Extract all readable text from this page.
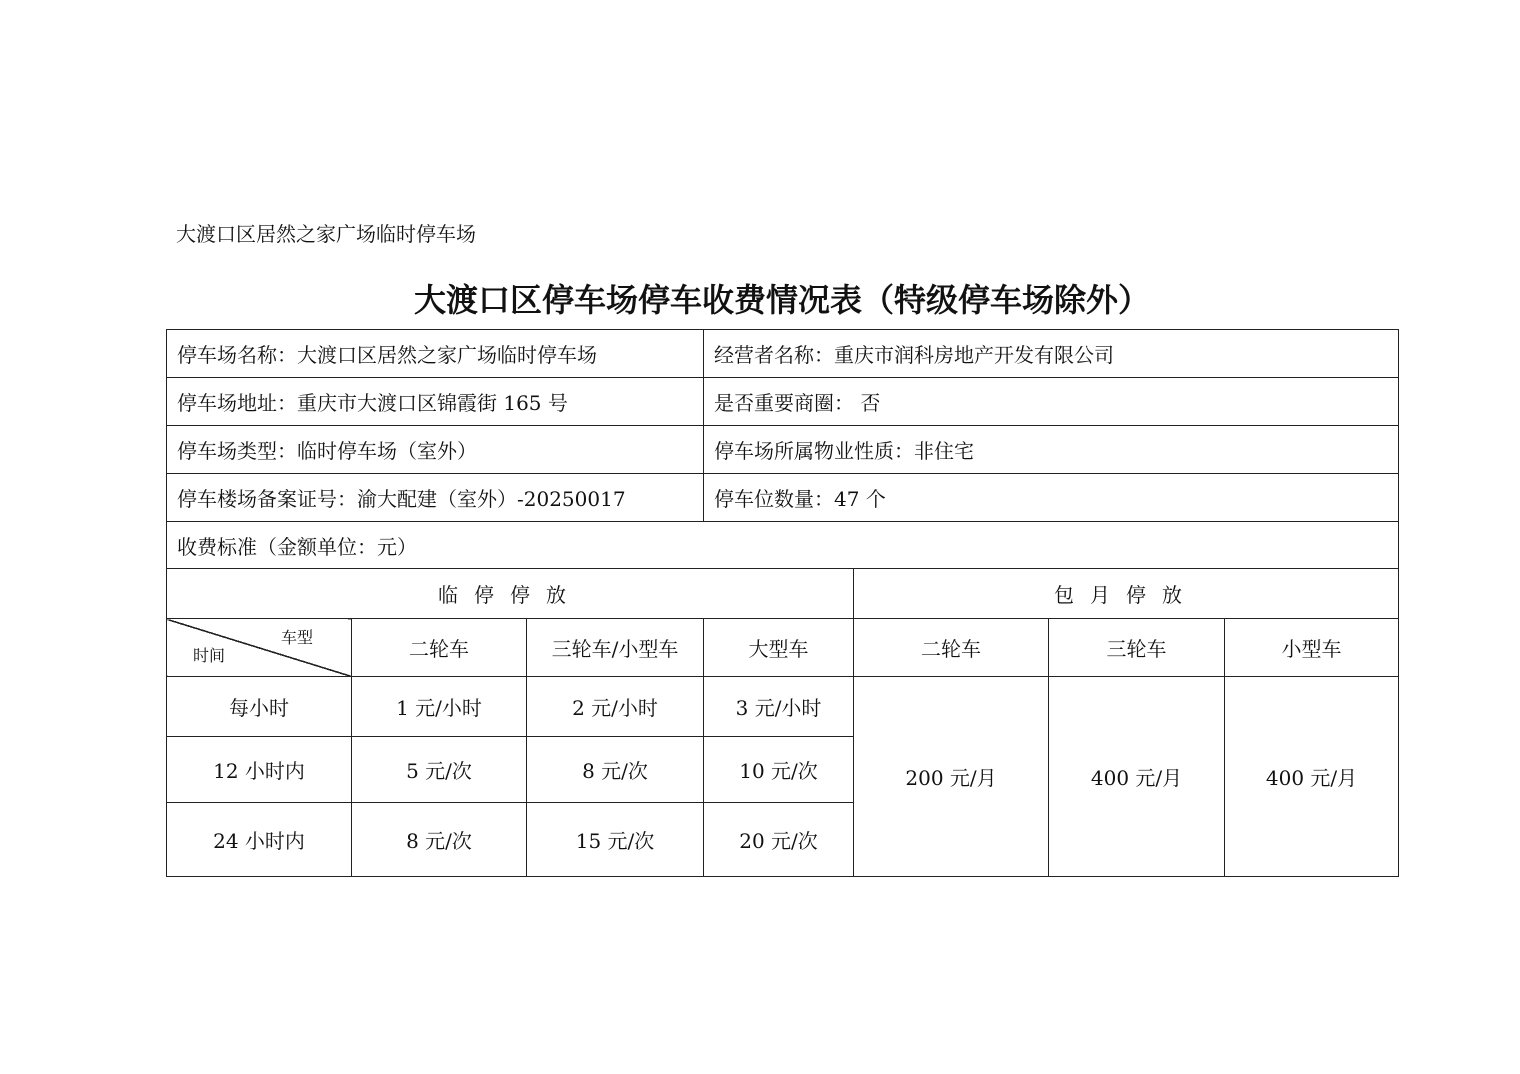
大渡口区居然之家广场临时停车场
大渡口区停车场停车收费情况表（特级停车场除外）
停车场名称：大渡口区居然之家广场临时停车场			经营者名称：重庆市润科房地产开发有限公司			
停车场地址：重庆市大渡口区锦霞街 165 号			是否重要商圈： 否			
停车场类型：临时停车场（室外）			停车场所属物业性质：非住宅			
停车楼场备案证号：渝大配建（室外）-20250017			停车位数量：47 个			
收费标准（金额单位：元）						
临停停放				包月停放		

车型
时间	二轮车	三轮车/小型车	大型车	二轮车	三轮车	小型车
每小时	1 元/小时	2 元/小时	3 元/小时	200 元/月	400 元/月	400 元/月
12 小时内	5 元/次	8 元/次	10 元/次			
24 小时内	8 元/次	15 元/次	20 元/次			
